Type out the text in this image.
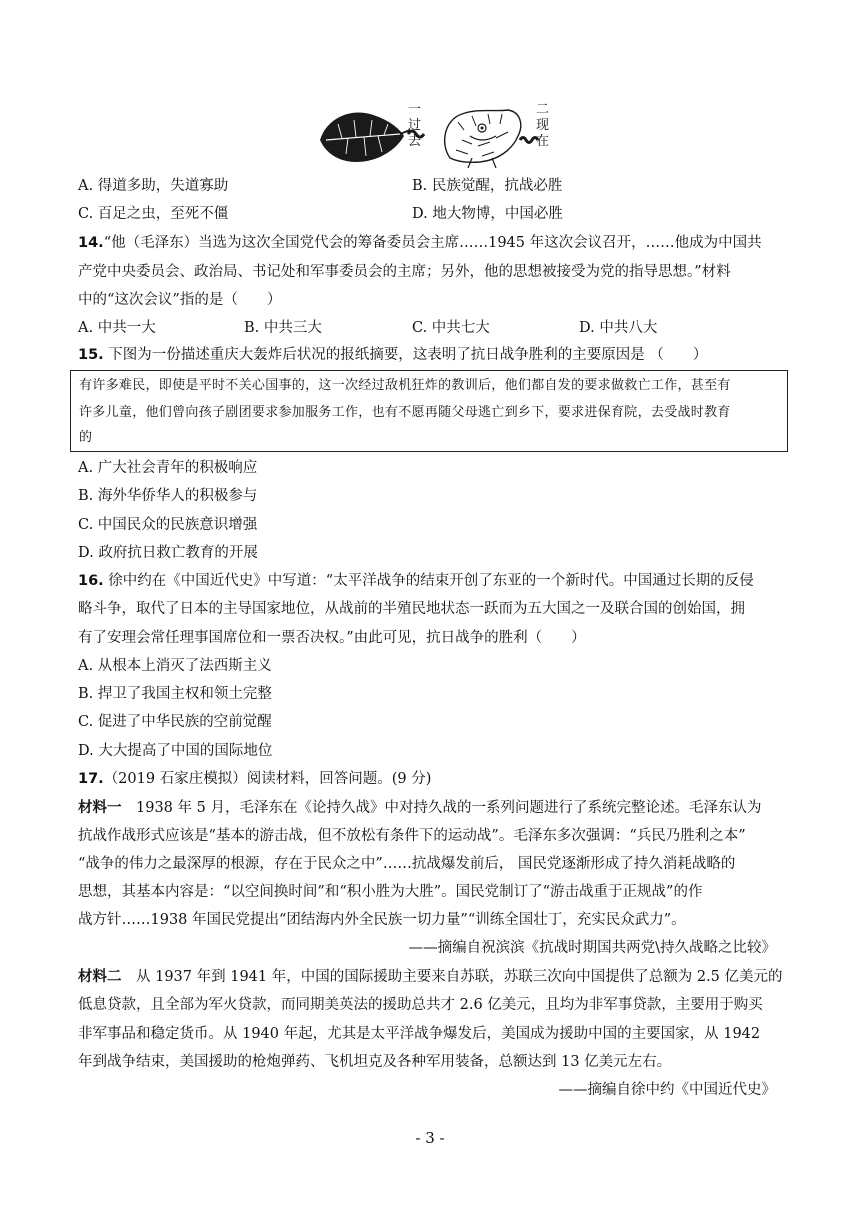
一过去
二现在
A. 得道多助，失道寡助	B. 民族觉醒，抗战必胜
C. 百足之虫，至死不僵	D. 地大物博，中国必胜
14.“他（毛泽东）当选为这次全国党代会的筹备委员会主席……1945 年这次会议召开，……他成为中国共
产党中央委员会、政治局、书记处和军事委员会的主席；另外，他的思想被接受为党的指导思想。”材料
中的“这次会议”指的是（　　）
A. 中共一大	B. 中共三大	C. 中共七大	D. 中共八大
15. 下图为一份描述重庆大轰炸后状况的报纸摘要，这表明了抗日战争胜利的主要原因是 （　　）
有许多难民，即使是平时不关心国事的，这一次经过敌机狂炸的教训后，他们都自发的要求做救亡工作，甚至有
许多儿童，他们曾向孩子剧团要求参加服务工作，也有不愿再随父母逃亡到乡下，要求进保育院，去受战时教育
的
A. 广大社会青年的积极响应
B. 海外华侨华人的积极参与
C. 中国民众的民族意识增强
D. 政府抗日救亡教育的开展
16. 徐中约在《中国近代史》中写道：“太平洋战争的结束开创了东亚的一个新时代。中国通过长期的反侵
略斗争，取代了日本的主导国家地位，从战前的半殖民地状态一跃而为五大国之一及联合国的创始国，拥
有了安理会常任理事国席位和一票否决权。”由此可见，抗日战争的胜利（　　）
A. 从根本上消灭了法西斯主义
B. 捍卫了我国主权和领土完整
C. 促进了中华民族的空前觉醒
D. 大大提高了中国的国际地位
17.（2019 石家庄模拟）阅读材料，回答问题。(9 分)
材料一　1938 年 5 月，毛泽东在《论持久战》中对持久战的一系列问题进行了系统完整论述。毛泽东认为
抗战作战形式应该是“基本的游击战，但不放松有条件下的运动战”。毛泽东多次强调：“兵民乃胜利之本”
“战争的伟力之最深厚的根源，存在于民众之中”……抗战爆发前后， 国民党逐渐形成了持久消耗战略的
思想，其基本内容是：“以空间换时间”和“积小胜为大胜”。国民党制订了“游击战重于正规战”的作
战方针……1938 年国民党提出“团结海内外全民族一切力量”“训练全国壮丁，充实民众武力”。
——摘编自祝滨滨《抗战时期国共两党\持久战略之比较》
材料二　从 1937 年到 1941 年，中国的国际援助主要来自苏联，苏联三次向中国提供了总额为 2.5 亿美元的
低息贷款，且全部为军火贷款，而同期美英法的援助总共才 2.6 亿美元，且均为非军事贷款，主要用于购买
非军事品和稳定货币。从 1940 年起，尤其是太平洋战争爆发后，美国成为援助中国的主要国家，从 1942
年到战争结束，美国援助的枪炮弹药、飞机坦克及各种军用装备，总额达到 13 亿美元左右。
——摘编自徐中约《中国近代史》
- 3 -
